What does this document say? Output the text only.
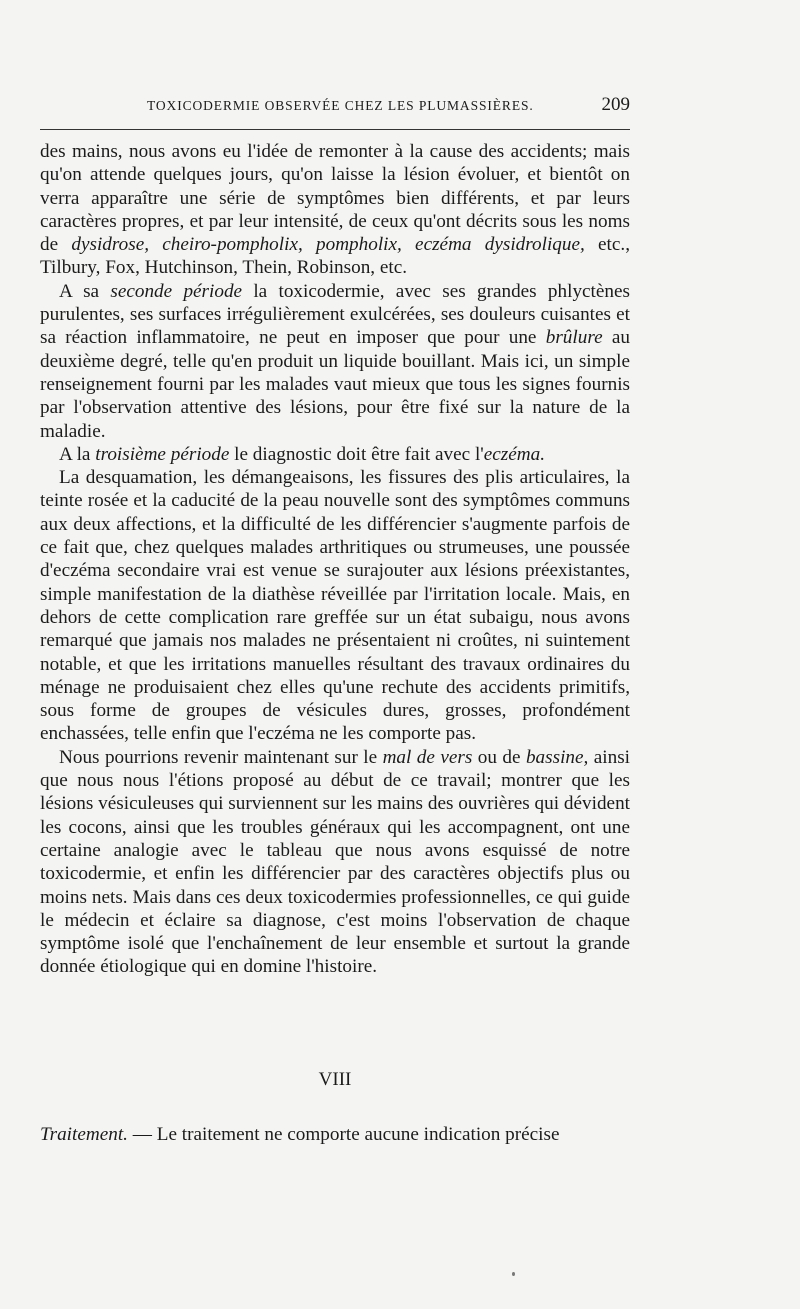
TOXICODERMIE OBSERVÉE CHEZ LES PLUMASSIÈRES.	209

des mains, nous avons eu l'idée de remonter à la cause des accidents; mais qu'on attende quelques jours, qu'on laisse la lésion évoluer, et bientôt on verra apparaître une série de symptômes bien différents, et par leurs caractères propres, et par leur intensité, de ceux qu'ont décrits sous les noms de dysidrose, cheiro-pompholix, pompholix, eczéma dysidrolique, etc., Tilbury, Fox, Hutchinson, Thein, Robinson, etc.

A sa seconde période la toxicodermie, avec ses grandes phlyctènes purulentes, ses surfaces irrégulièrement exulcérées, ses douleurs cuisantes et sa réaction inflammatoire, ne peut en imposer que pour une brûlure au deuxième degré, telle qu'en produit un liquide bouillant. Mais ici, un simple renseignement fourni par les malades vaut mieux que tous les signes fournis par l'observation attentive des lésions, pour être fixé sur la nature de la maladie.

A la troisième période le diagnostic doit être fait avec l'eczéma.

La desquamation, les démangeaisons, les fissures des plis articulaires, la teinte rosée et la caducité de la peau nouvelle sont des symptômes communs aux deux affections, et la difficulté de les différencier s'augmente parfois de ce fait que, chez quelques malades arthritiques ou strumeuses, une poussée d'eczéma secondaire vrai est venue se surajouter aux lésions préexistantes, simple manifestation de la diathèse réveillée par l'irritation locale. Mais, en dehors de cette complication rare greffée sur un état subaigu, nous avons remarqué que jamais nos malades ne présentaient ni croûtes, ni suintement notable, et que les irritations manuelles résultant des travaux ordinaires du ménage ne produisaient chez elles qu'une rechute des accidents primitifs, sous forme de groupes de vésicules dures, grosses, profondément enchassées, telle enfin que l'eczéma ne les comporte pas.

Nous pourrions revenir maintenant sur le mal de vers ou de bassine, ainsi que nous nous l'étions proposé au début de ce travail; montrer que les lésions vésiculeuses qui surviennent sur les mains des ouvrières qui dévident les cocons, ainsi que les troubles généraux qui les accompagnent, ont une certaine analogie avec le tableau que nous avons esquissé de notre toxicodermie, et enfin les différencier par des caractères objectifs plus ou moins nets. Mais dans ces deux toxicodermies professionnelles, ce qui guide le médecin et éclaire sa diagnose, c'est moins l'observation de chaque symptôme isolé que l'enchaînement de leur ensemble et surtout la grande donnée étiologique qui en domine l'histoire.

VIII
Traitement. — Le traitement ne comporte aucune indication précise
